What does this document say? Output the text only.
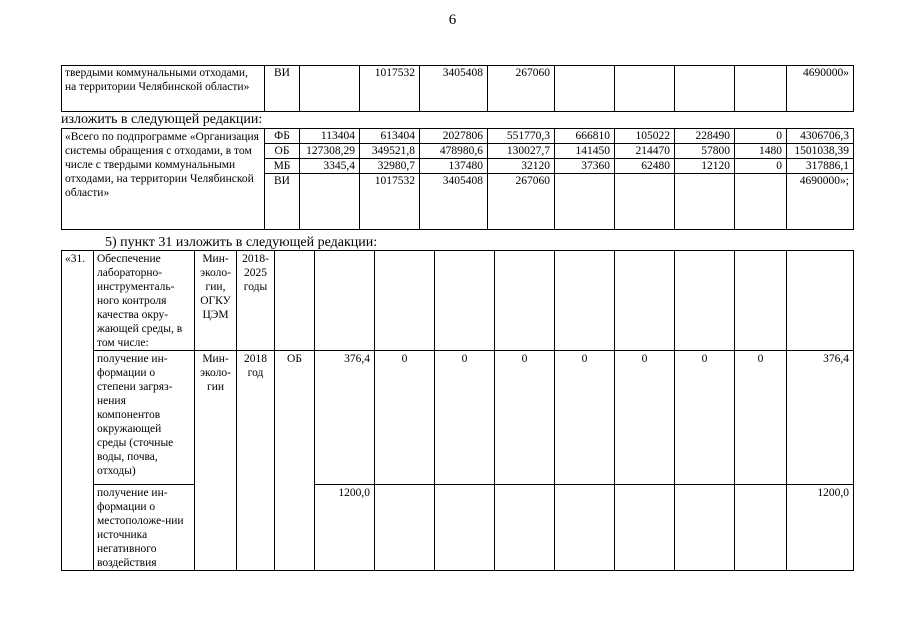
6
твердыми коммунальными отходами, на территории Челябинской области»	ВИ		1017532	3405408	267060					4690000»
изложить в следующей редакции:
«Всего по подпрограмме «Организация системы обращения с отходами, в том числе с твердыми коммунальными отходами, на территории Челябинской области»	ФБ	113404	613404	2027806	551770,3	666810	105022	228490	0	4306706,3
	ОБ	127308,29	349521,8	478980,6	130027,7	141450	214470	57800	1480	1501038,39
	МБ	3345,4	32980,7	137480	32120	37360	62480	12120	0	317886,1
	ВИ		1017532	3405408	267060					4690000»;
5) пункт 31 изложить в следующей редакции:
«31.	Обеспечение лабораторно-инструменталь-ного контроля качества окру-жающей среды, в том числе:	Мин-эколо-гии, ОГКУ ЦЭМ	2018-2025 годы										
	получение ин-формации о степени загряз-нения компонентов окружающей среды (сточные воды, почва, отходы)	Мин-эколо-гии	2018 год	ОБ	376,4	0	0	0	0	0	0	0	376,4
	получение ин-формации о местоположе-нии источника негативного воздействия				1200,0								1200,0
